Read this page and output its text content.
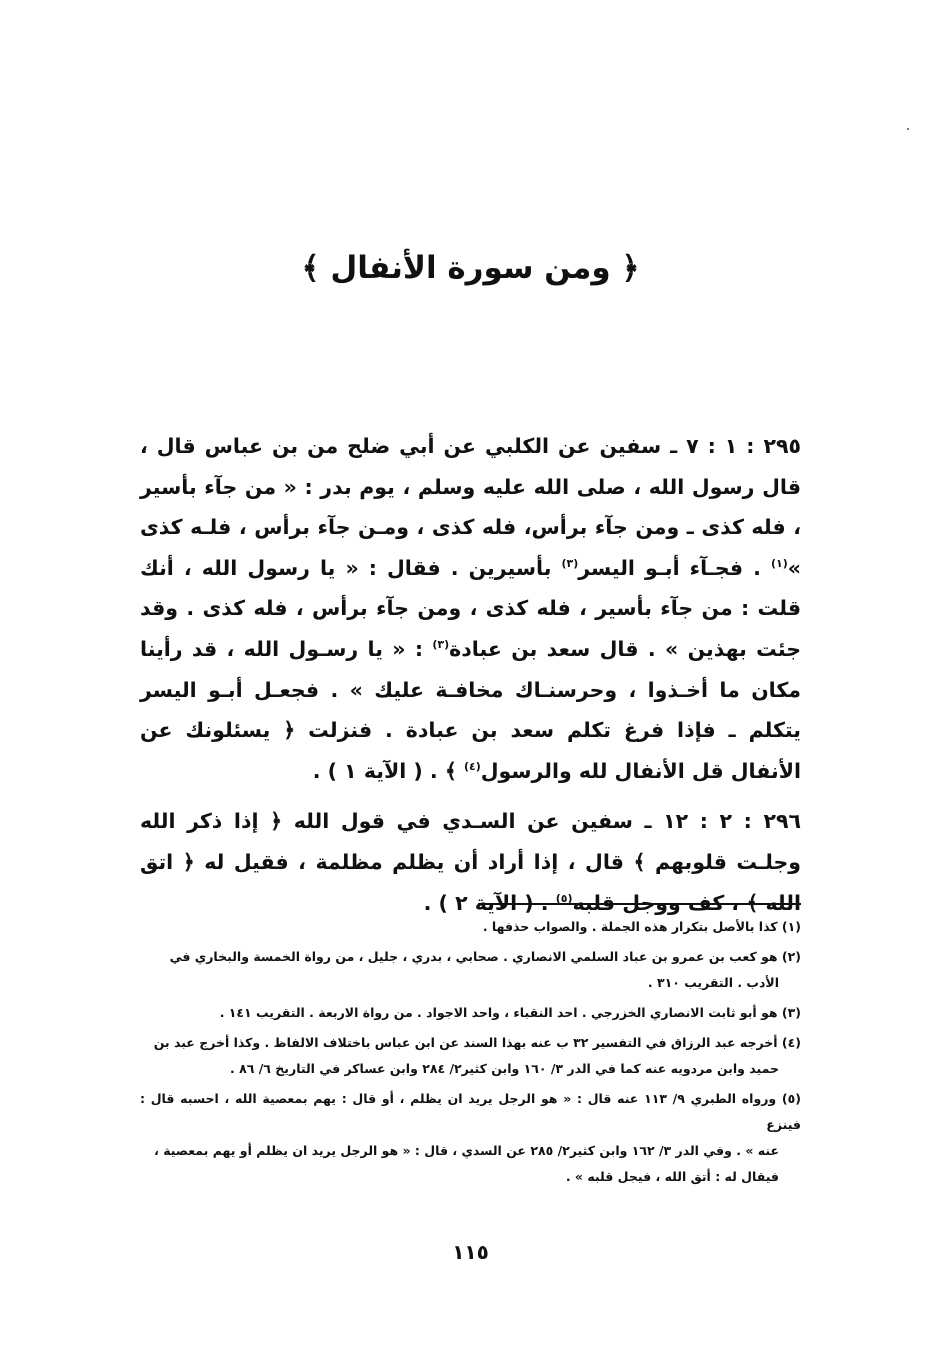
﴿ ومن سورة الأنفال ﴾

٢٩٥ : ١ : ٧ ـ سفين عن الكلبي عن أبي ضلح من بن عباس قال ، قال رسول الله ، صلى الله عليه وسلم ، يوم بدر : « من جآء بأسير ، فله كذى ـ ومن جآء برأس، فله كذى ، ومـن جآء برأس ، فلـه كذى »$^{(١)}$ . فجـآء أبـو اليسر$^{(٣)}$ بأسيرين . فقال : « يا رسول الله ، أنك قلت : من جآء بأسير ، فله كذى ، ومن جآء برأس ، فله كذى . وقد جئت بهذين » . قال سعد بن عبادة$^{(٣)}$ : « يا رسـول الله ، قد رأينا مكان ما أخـذوا ، وحرسنـاك مخافـة عليك » . فجعـل أبـو اليسر يتكلم ـ فإذا فرغ تكلم سعد بن عبادة . فنزلت ﴿ يسئلونك عن الأنفال قل الأنفال لله والرسول$^{(٤)}$ ﴾ . ( الآية ١ ) .

٢٩٦ : ٢ : ١٢ ـ سفين عن السـدي في قول الله ﴿ إذا ذكر الله وجلـت قلوبهم ﴾ قال ، إذا أراد أن يظلم مظلمة ، فقيل له ﴿ اتق الله ﴾ ، كف ووجل قلبه$^{(٥)}$ . ( الآية ٢ ) .

(١) كذا بالأصل بتكرار هذه الجملة . والصواب حذفها .
(٢) هو كعب بن عمرو بن عباد السلمي الانصاري . صحابي ، بدري ، جليل ، من رواة الخمسة والبخاري في
الأدب . التقريب ٣١٠ .
(٣) هو أبو ثابت الانصاري الخزرجي . احد النقباء ، واحد الاجواد . من رواة الاربعة . التقريب ١٤١ .
(٤) أخرجه عبد الرزاق في التفسير ٣٢ ب عنه بهذا السند عن ابن عباس باختلاف الالفاظ . وكذا أخرج عبد بن
حميد وابن مردويه عنه كما في الدر ٣/ ١٦٠ وابن كثير٢/ ٢٨٤ وابن عساكر في التاريخ ٦/ ٨٦ .
(٥) ورواه الطبري ٩/ ١١٣ عنه قال : « هو الرجل يريد ان يظلم ، أو قال : يهم بمعصية الله ، احسبه قال : فينزع
عنه » . وفي الدر ٣/ ١٦٢ وابن كثير٢/ ٢٨٥ عن السدي ، قال : « هو الرجل يريد ان يظلم أو يهم بمعصية ،
فيقال له : أتق الله ، فيجل قلبه » .
١١٥
